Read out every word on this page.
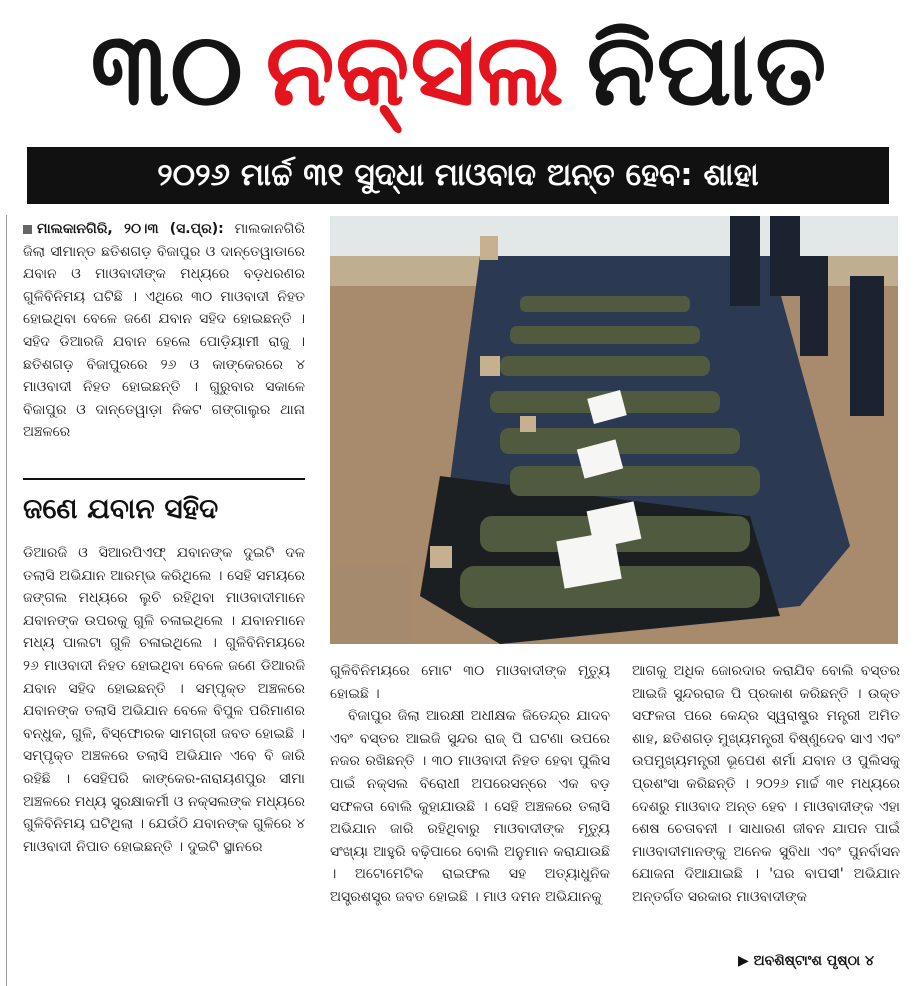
୩୦ ନକ୍ସଲ ନିପାତ
୨୦୨୬ ମାର୍ଚ୍ଚ ୩୧ ସୁଦ୍ଧା ମାଓବାଦ ଅନ୍ତ ହେବ: ଶାହା

ମାଲକାନଗିରି, ୨୦।୩ (ସ.ପ୍ର): ମାଲକାନଗିରି ଜିଲା ସୀମାନ୍ତ ଛତିଶଗଡ଼ ବିଜାପୁର ଓ ଦାନ୍ତେୱାଡାରେ ଯବାନ ଓ ମାଓବାଦୀଙ୍କ ମଧ୍ୟରେ ବଡ଼ଧରଣର ଗୁଳିବିନିମୟ ଘଟିଛି । ଏଥିରେ ୩୦ ମାଓବାଦୀ ନିହତ ହୋଇଥିବା ବେଳେ ଜଣେ ଯବାନ ସହିଦ ହୋଇଛନ୍ତି । ସହିଦ ଡିଆରଜି ଯବାନ ହେଲେ ପୋଡ଼ିୟାମୀ ରାଜୁ । ଛତିଶଗଡ଼ ବିଜାପୁରରେ ୨୬ ଓ କାଙ୍କେରରେ ୪ ମାଓବାଦୀ ନିହତ ହୋଇଛନ୍ତି । ଗୁରୁବାର ସକାଳେ ବିଜାପୁର ଓ ଦାନ୍ତେୱାଡ଼ା ନିକଟ ଗଙ୍ଗାଲୁର ଥାନା ଅଞ୍ଚଳରେ

ଜଣେ ଯବାନ ସହିଦ

ଡିଆରଜି ଓ ସିଆରପିଏଫ୍ ଯବାନଙ୍କ ଦୁଇଟି ଦଳ ତଲାସି ଅଭିଯାନ ଆରମ୍ଭ କରିଥିଲେ । ସେହି ସମୟରେ ଜଙ୍ଗଲ ମଧ୍ୟରେ ଲୁଚି ରହିଥିବା ମାଓବାଦୀମାନେ ଯବାନଙ୍କ ଉପରକୁ ଗୁଳି ଚଳାଇଥିଲେ । ଯବାନମାନେ ମଧ୍ୟ ପାଲଟା ଗୁଳି ଚଳାଇଥିଲେ । ଗୁଳିବିନିମୟରେ ୨୬ ମାଓବାଦୀ ନିହତ ହୋଇଥିବା ବେଳେ ଜଣେ ଡିଆରଜି ଯବାନ ସହିଦ ହୋଇଛନ୍ତି । ସମ୍ପୃକ୍ତ ଅଞ୍ଚଳରେ ଯବାନଙ୍କ ତଲାସି ଅଭିଯାନ ବେଳେ ବିପୁଳ ପରିମାଣର ବନ୍ଧୁକ, ଗୁଳି, ବିସ୍ଫୋରକ ସାମଗ୍ରୀ ଜବତ ହୋଇଛି । ସମ୍ପୃକ୍ତ ଅଞ୍ଚଳରେ ତଲାସି ଅଭିଯାନ ଏବେ ବି ଜାରି ରହିଛି । ସେହିପରି କାଙ୍କେର-ନାରାୟଣପୁର ସୀମା ଅଞ୍ଚଳରେ ମଧ୍ୟ ସୁରକ୍ଷାକର୍ମୀ ଓ ନକ୍ସଲଙ୍କ ମଧ୍ୟରେ ଗୁଳିବିନିମୟ ଘଟିଥିଲା । ଯେଉଁଠି ଯବାନଙ୍କ ଗୁଳିରେ ୪ ମାଓବାଦୀ ନିପାତ ହୋଇଛନ୍ତି । ଦୁଇଟି ସ୍ଥାନରେ

ଗୁଳିବିନିମୟରେ ମୋଟ ୩୦ ମାଓବାଦୀଙ୍କ ମୃତ୍ୟୁ ହୋଇଛି ।

ବିଜାପୁର ଜିଲା ଆରକ୍ଷୀ ଅଧୀକ୍ଷକ ଜିତେନ୍ଦ୍ର ଯାଦବ ଏବଂ ବସ୍ତର ଆଇଜି ସୁନ୍ଦର ରାଜ୍ ପି ଘଟଣା ଉପରେ ନଜର ରଖିଛନ୍ତି । ୩୦ ମାଓବାଦୀ ନିହତ ହେବା ପୁଲିସ ପାଇଁ ନକ୍ସଲ ବିରୋଧୀ ଅପରେସନ୍‌ରେ ଏକ ବଡ଼ ସଫଳତା ବୋଲି କୁହାଯାଉଛି । ସେହି ଅଞ୍ଚଳରେ ତଲାସି ଅଭିଯାନ ଜାରି ରହିଥିବାରୁ ମାଓବାଦୀଙ୍କ ମୃତ୍ୟୁ ସଂଖ୍ୟା ଆହୁରି ବଢ଼ିପାରେ ବୋଲି ଅନୁମାନ କରାଯାଉଛି । ଅଟୋମେଟିକ ରାଇଫଲ ସହ ଅତ୍ୟାଧୁନିକ ଅସ୍ତ୍ରଶସ୍ତ୍ର ଜବତ ହୋଇଛି । ମାଓ ଦମନ ଅଭିଯାନକୁ

ଆଗକୁ ଅଧିକ ଜୋରଦାର କରାଯିବ ବୋଲି ବସ୍ତର ଆଇଜି ସୁନ୍ଦରରାଜ ପି ପ୍ରକାଶ କରିଛନ୍ତି । ଉକ୍ତ ସଫଳତା ପରେ କେନ୍ଦ୍ର ସ୍ୱରାଷ୍ଟ୍ର ମନ୍ତ୍ରୀ ଅମିତ ଶାହ, ଛତିଶଗଡ଼ ମୁଖ୍ୟମନ୍ତ୍ରୀ ବିଷ୍ଣୁଦେବ ସାଏ ଏବଂ ଉପମୁଖ୍ୟମନ୍ତ୍ରୀ ଭୂପେଶ ଶର୍ମା ଯବାନ ଓ ପୁଲିସକୁ ପ୍ରଶଂସା କରିଛନ୍ତି । ୨୦୨୬ ମାର୍ଚ୍ଚ ୩୧ ମଧ୍ୟରେ ଦେଶରୁ ମାଓବାଦ ଅନ୍ତ ହେବ । ମାଓବାଦୀଙ୍କ ଏହା ଶେଷ ଚେତାବନୀ । ସାଧାରଣ ଜୀବନ ଯାପନ ପାଇଁ ମାଓବାଦୀମାନଙ୍କୁ ଅନେକ ସୁବିଧା ଏବଂ ପୁନର୍ବାସନ ଯୋଜନା ଦିଆଯାଇଛି । 'ଘର ବାପସୀ' ଅଭିଯାନ ଅନ୍ତର୍ଗତ ସରକାର ମାଓବାଦୀଙ୍କ

▶ ଅବଶିଷ୍ଟାଂଶ ପୃଷ୍ଠା ୪
